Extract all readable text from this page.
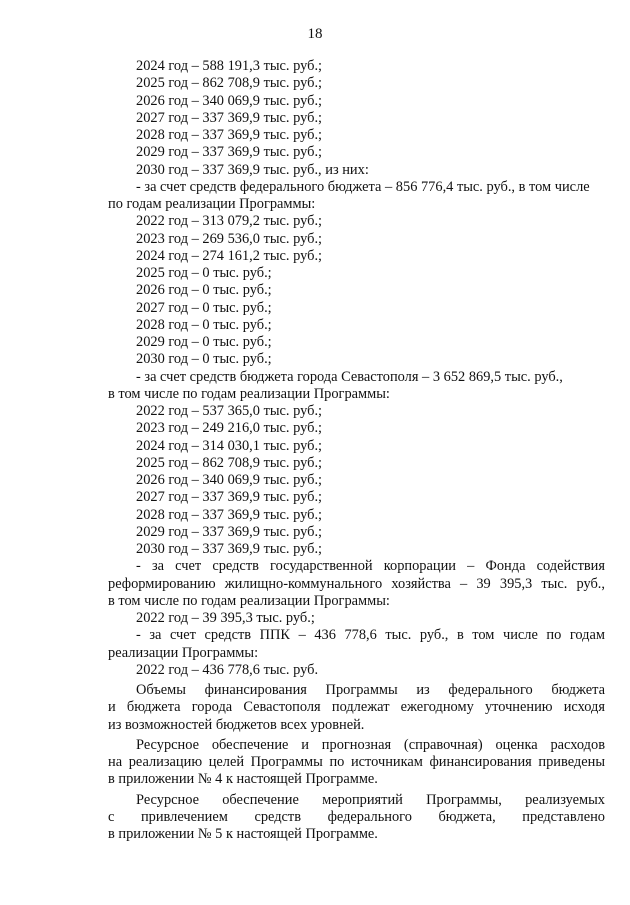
18
2024 год – 588 191,3 тыс. руб.;
2025 год – 862 708,9 тыс. руб.;
2026 год – 340 069,9 тыс. руб.;
2027 год – 337 369,9 тыс. руб.;
2028 год – 337 369,9 тыс. руб.;
2029 год – 337 369,9 тыс. руб.;
2030 год – 337 369,9 тыс. руб., из них:
- за счет средств федерального бюджета – 856 776,4 тыс. руб., в том числе
по годам реализации Программы:
2022 год – 313 079,2 тыс. руб.;
2023 год – 269 536,0 тыс. руб.;
2024 год – 274 161,2 тыс. руб.;
2025 год – 0 тыс. руб.;
2026 год – 0 тыс. руб.;
2027 год – 0 тыс. руб.;
2028 год – 0 тыс. руб.;
2029 год – 0 тыс. руб.;
2030 год – 0 тыс. руб.;
- за счет средств бюджета города Севастополя – 3 652 869,5 тыс. руб.,
в том числе по годам реализации Программы:
2022 год – 537 365,0 тыс. руб.;
2023 год – 249 216,0 тыс. руб.;
2024 год – 314 030,1 тыс. руб.;
2025 год – 862 708,9 тыс. руб.;
2026 год – 340 069,9 тыс. руб.;
2027 год – 337 369,9 тыс. руб.;
2028 год – 337 369,9 тыс. руб.;
2029 год – 337 369,9 тыс. руб.;
2030 год – 337 369,9 тыс. руб.;
- за счет средств государственной корпорации – Фонда содействия
реформированию жилищно-коммунального хозяйства – 39 395,3 тыс. руб.,
в том числе по годам реализации Программы:
2022 год – 39 395,3 тыс. руб.;
- за счет средств ППК – 436 778,6 тыс. руб., в том числе по годам
реализации Программы:
2022 год – 436 778,6 тыс. руб.
Объемы финансирования Программы из федерального бюджета
и бюджета города Севастополя подлежат ежегодному уточнению исходя
из возможностей бюджетов всех уровней.
Ресурсное обеспечение и прогнозная (справочная) оценка расходов
на реализацию целей Программы по источникам финансирования приведены
в приложении № 4 к настоящей Программе.
Ресурсное обеспечение мероприятий Программы, реализуемых
с привлечением средств федерального бюджета, представлено
в приложении № 5 к настоящей Программе.
